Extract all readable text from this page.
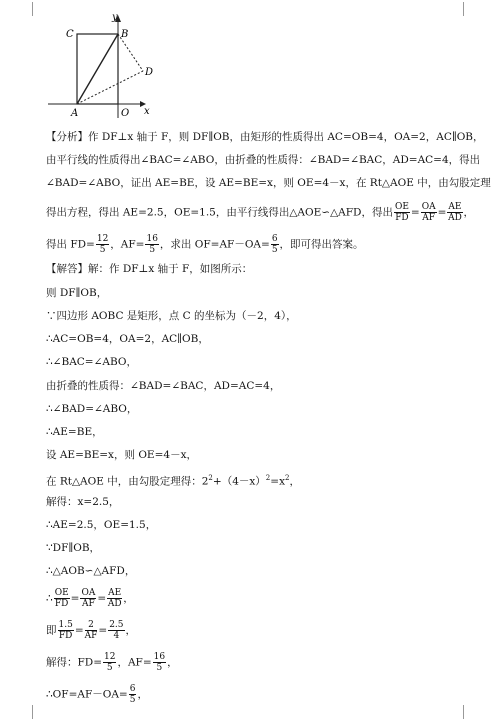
y
x
C	B
D
A	O
【分析】作 DF⊥x 轴于 F，则 DF∥OB，由矩形的性质得出 AC=OB=4，OA=2，AC∥OB，
由平行线的性质得出∠BAC=∠ABO，由折叠的性质得：∠BAD=∠BAC，AD=AC=4，得出
∠BAD=∠ABO，证出 AE=BE，设 AE=BE=x，则 OE=4－x，在 Rt△AOE 中，由勾股定理
得出方程，得出 AE=2.5，OE=1.5，由平行线得出△AOE∽△AFD，得出 $\frac{OE}{FD} = \frac{OA}{AF} = \frac{AE}{AD}$ ，
得出 $FD= \frac{12}{5}$ ，$AF= \frac{16}{5}$ ，求出 $OF=AF-OA= \frac{6}{5}$ ，即可得出答案。
【解答】解：作 DF⊥x 轴于 F，如图所示：
则 DF∥OB，
∵四边形 AOBC 是矩形，点 C 的坐标为（－2，4），
∴AC=OB=4，OA=2，AC∥OB，
∴∠BAC=∠ABO，
由折叠的性质得：∠BAD=∠BAC，AD=AC=4，
∴∠BAD=∠ABO，
∴AE=BE，
设 AE=BE=x，则 OE=4－x，
在 Rt△AOE 中，由勾股定理得：$2^2+(4-x)^2=x^2$，
解得：x=2.5，
∴AE=2.5，OE=1.5，
∵DF∥OB，
∴△AOB∽△AFD，
∴ $\frac{OE}{FD} = \frac{OA}{AF} = \frac{AE}{AD}$ ，
即 $\frac{1.5}{FD} = \frac{2}{AF} = \frac{2.5}{4}$ ，
解得：$FD= \frac{12}{5}$ ，$AF= \frac{16}{5}$ ，
∴OF=AF－OA= $\frac{6}{5}$ ，
